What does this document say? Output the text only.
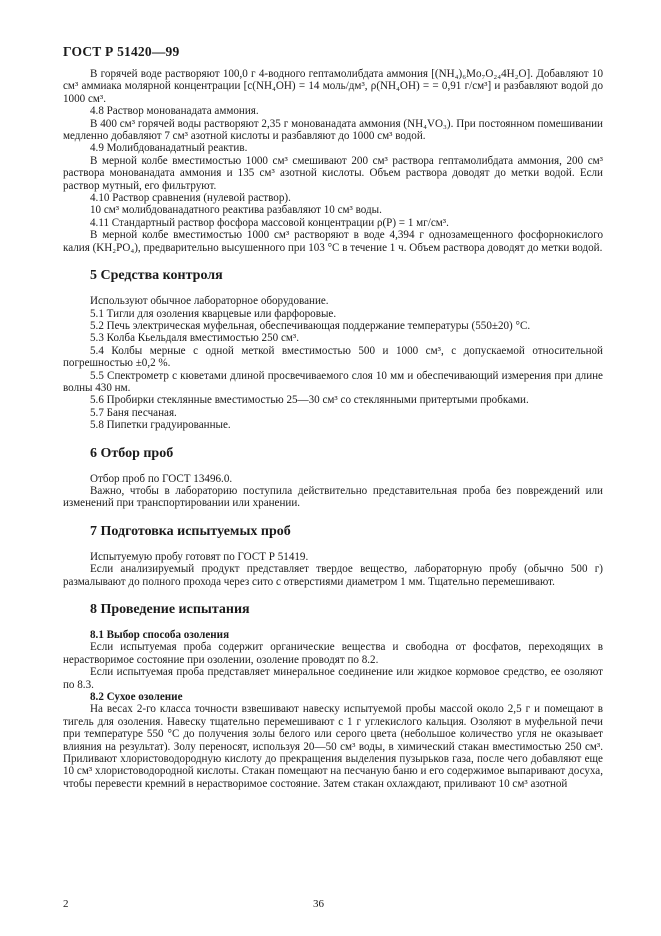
ГОСТ Р 51420—99

В горячей воде растворяют 100,0 г 4-водного гептамолибдата аммония [(NH₄)₆Mo₇O₂₄4H₂O]. Добавляют 10 см³ аммиака молярной концентрации [c(NH₄OH) = 14 моль/дм³, ρ(NH₄OH) = = 0,91 г/см³] и разбавляют водой до 1000 см³.

4.8 Раствор монованадата аммония.

В 400 см³ горячей воды растворяют 2,35 г монованадата аммония (NH₄VO₃). При постоянном помешивании медленно добавляют 7 см³ азотной кислоты и разбавляют до 1000 см³ водой.

4.9 Молибдованадатный реактив.

В мерной колбе вместимостью 1000 см³ смешивают 200 см³ раствора гептамолибдата аммония, 200 см³ раствора монованадата аммония и 135 см³ азотной кислоты. Объем раствора доводят до метки водой. Если раствор мутный, его фильтруют.

4.10 Раствор сравнения (нулевой раствор).

10 см³ молибдованадатного реактива разбавляют 10 см³ воды.

4.11 Стандартный раствор фосфора массовой концентрации ρ(P) = 1 мг/см³.

В мерной колбе вместимостью 1000 см³ растворяют в воде 4,394 г однозамещенного фосфорнокислого калия (KH₂PO₄), предварительно высушенного при 103 °С в течение 1 ч. Объем раствора доводят до метки водой.

5 Средства контроля

Используют обычное лабораторное оборудование.

5.1 Тигли для озоления кварцевые или фарфоровые.

5.2 Печь электрическая муфельная, обеспечивающая поддержание температуры (550±20) °С.

5.3 Колба Кьельдаля вместимостью 250 см³.

5.4 Колбы мерные с одной меткой вместимостью 500 и 1000 см³, с допускаемой относительной погрешностью ±0,2 %.

5.5 Спектрометр с кюветами длиной просвечиваемого слоя 10 мм и обеспечивающий измерения при длине волны 430 нм.

5.6 Пробирки стеклянные вместимостью 25—30 см³ со стеклянными притертыми пробками.

5.7 Баня песчаная.

5.8 Пипетки градуированные.

6 Отбор проб

Отбор проб по ГОСТ 13496.0.

Важно, чтобы в лабораторию поступила действительно представительная проба без повреждений или изменений при транспортировании или хранении.

7 Подготовка испытуемых проб

Испытуемую пробу готовят по ГОСТ Р 51419.

Если анализируемый продукт представляет твердое вещество, лабораторную пробу (обычно 500 г) размалывают до полного прохода через сито с отверстиями диаметром 1 мм. Тщательно перемешивают.

8 Проведение испытания
8.1 Выбор способа озоления

Если испытуемая проба содержит органические вещества и свободна от фосфатов, переходящих в нерастворимое состояние при озолении, озоление проводят по 8.2.

Если испытуемая проба представляет минеральное соединение или жидкое кормовое средство, ее озоляют по 8.3.

8.2 Сухое озоление

На весах 2-го класса точности взвешивают навеску испытуемой пробы массой около 2,5 г и помещают в тигель для озоления. Навеску тщательно перемешивают с 1 г углекислого кальция. Озоляют в муфельной печи при температуре 550 °С до получения золы белого или серого цвета (небольшое количество угля не оказывает влияния на результат). Золу переносят, используя 20—50 см³ воды, в химический стакан вместимостью 250 см³. Приливают хлористоводородную кислоту до прекращения выделения пузырьков газа, после чего добавляют еще 10 см³ хлористоводородной кислоты. Стакан помещают на песчаную баню и его содержимое выпаривают досуха, чтобы перевести кремний в нерастворимое состояние. Затем стакан охлаждают, приливают 10 см³ азотной

2	36
